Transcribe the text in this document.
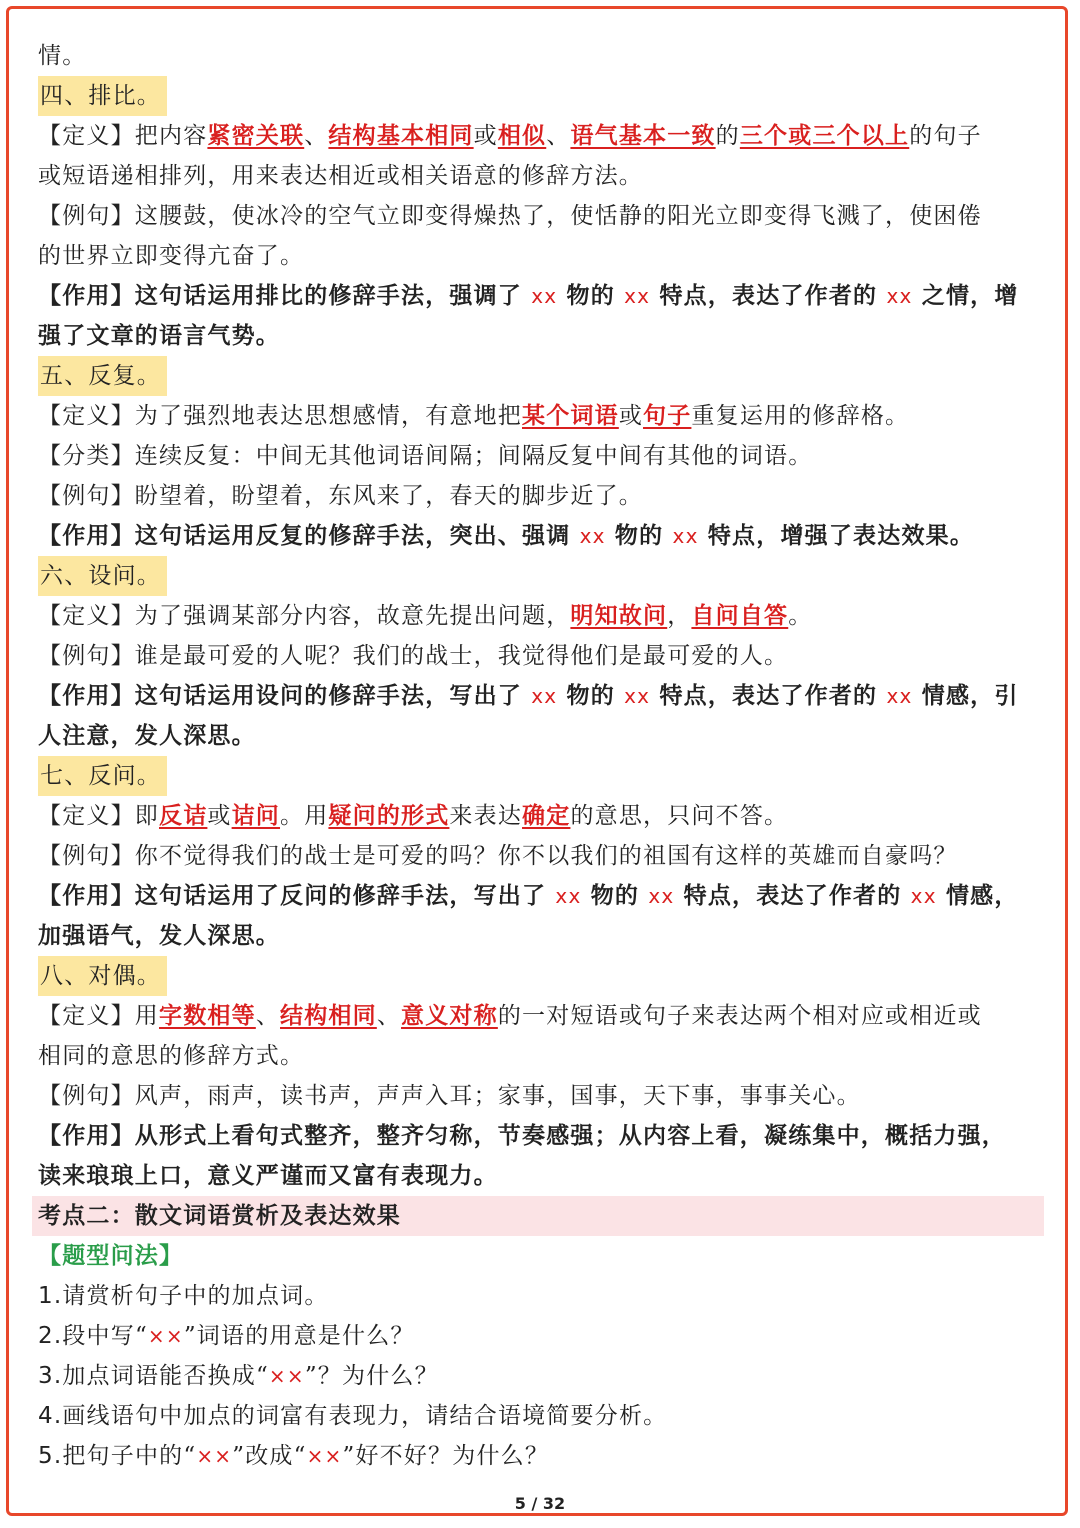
情。
四、排比。
【定义】把内容紧密关联、结构基本相同或相似、语气基本一致的三个或三个以上的句子
或短语递相排列，用来表达相近或相关语意的修辞方法。
【例句】这腰鼓，使冰冷的空气立即变得燥热了，使恬静的阳光立即变得飞溅了，使困倦
的世界立即变得亢奋了。
【作用】这句话运用排比的修辞手法，强调了 xx 物的 xx 特点，表达了作者的 xx 之情，增
强了文章的语言气势。
五、反复。
【定义】为了强烈地表达思想感情，有意地把某个词语或句子重复运用的修辞格。
【分类】连续反复：中间无其他词语间隔；间隔反复中间有其他的词语。
【例句】盼望着，盼望着，东风来了，春天的脚步近了。
【作用】这句话运用反复的修辞手法，突出、强调 xx 物的 xx 特点，增强了表达效果。
六、设问。
【定义】为了强调某部分内容，故意先提出问题，明知故问，自问自答。
【例句】谁是最可爱的人呢？我们的战士，我觉得他们是最可爱的人。
【作用】这句话运用设问的修辞手法，写出了 xx 物的 xx 特点，表达了作者的 xx 情感，引
人注意，发人深思。
七、反问。
【定义】即反诘或诘问。用疑问的形式来表达确定的意思，只问不答。
【例句】你不觉得我们的战士是可爱的吗？你不以我们的祖国有这样的英雄而自豪吗？
【作用】这句话运用了反问的修辞手法，写出了 xx 物的 xx 特点，表达了作者的 xx 情感，
加强语气，发人深思。
八、对偶。
【定义】用字数相等、结构相同、意义对称的一对短语或句子来表达两个相对应或相近或
相同的意思的修辞方式。
【例句】风声，雨声，读书声，声声入耳；家事，国事，天下事，事事关心。
【作用】从形式上看句式整齐，整齐匀称，节奏感强；从内容上看，凝练集中，概括力强，
读来琅琅上口，意义严谨而又富有表现力。
考点二：散文词语赏析及表达效果
【题型问法】
1.请赏析句子中的加点词。
2.段中写“××”词语的用意是什么？
3.加点词语能否换成“××”？为什么？
4.画线语句中加点的词富有表现力，请结合语境简要分析。
5.把句子中的“××”改成“××”好不好？为什么？
5 / 32
